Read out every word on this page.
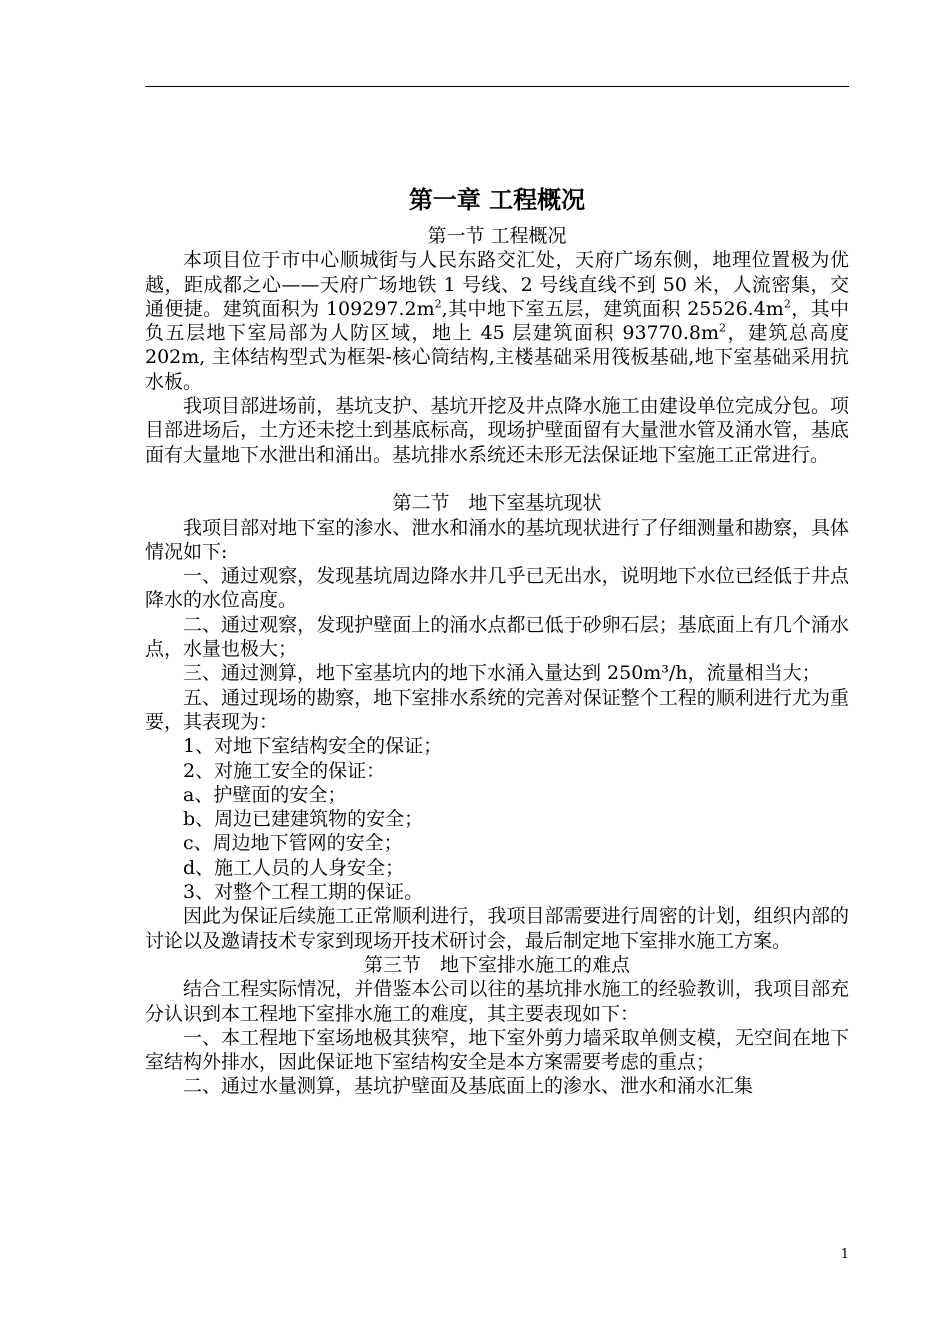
第一章 工程概况
第一节 工程概况

本项目位于市中心顺城街与人民东路交汇处，天府广场东侧，地理位置极为优越，距成都之心——天府广场地铁 1 号线、2 号线直线不到 50 米，人流密集，交通便捷。建筑面积为 $109297.2m^2$,其中地下室五层，建筑面积 $25526.4m^2$，其中负五层地下室局部为人防区域，地上 45 层建筑面积 $93770.8m^2$，建筑总高度 202m, 主体结构型式为框架-核心筒结构,主楼基础采用筏板基础,地下室基础采用抗水板。

我项目部进场前，基坑支护、基坑开挖及井点降水施工由建设单位完成分包。项目部进场后，土方还未挖土到基底标高，现场护壁面留有大量泄水管及涌水管，基底面有大量地下水泄出和涌出。基坑排水系统还未形无法保证地下室施工正常进行。

第二节　地下室基坑现状

我项目部对地下室的渗水、泄水和涌水的基坑现状进行了仔细测量和勘察，具体情况如下:

一、通过观察，发现基坑周边降水井几乎已无出水，说明地下水位已经低于井点降水的水位高度。

二、通过观察，发现护壁面上的涌水点都已低于砂卵石层；基底面上有几个涌水点，水量也极大；

三、通过测算，地下室基坑内的地下水涌入量达到 250m³/h，流量相当大；

五、通过现场的勘察，地下室排水系统的完善对保证整个工程的顺利进行尤为重要，其表现为：

1、对地下室结构安全的保证；

2、对施工安全的保证：

a、护壁面的安全；

b、周边已建建筑物的安全；

c、周边地下管网的安全；

d、施工人员的人身安全；

3、对整个工程工期的保证。

因此为保证后续施工正常顺利进行，我项目部需要进行周密的计划，组织内部的讨论以及邀请技术专家到现场开技术研讨会，最后制定地下室排水施工方案。

第三节　地下室排水施工的难点

结合工程实际情况，并借鉴本公司以往的基坑排水施工的经验教训，我项目部充分认识到本工程地下室排水施工的难度，其主要表现如下：

一、本工程地下室场地极其狭窄，地下室外剪力墙采取单侧支模，无空间在地下室结构外排水，因此保证地下室结构安全是本方案需要考虑的重点；

二、通过水量测算，基坑护壁面及基底面上的渗水、泄水和涌水汇集

1
